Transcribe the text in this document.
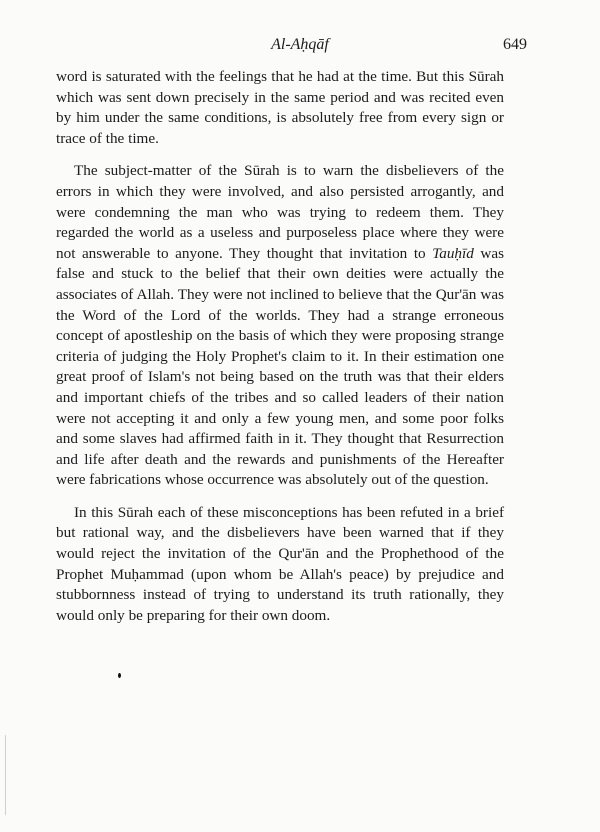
Al-Aḥqāf	649

word is saturated with the feelings that he had at the time. But this Sūrah which was sent down precisely in the same period and was recited even by him under the same conditions, is absolutely free from every sign or trace of the time.

The subject-matter of the Sūrah is to warn the disbelievers of the errors in which they were involved, and also persisted arrogantly, and were condemning the man who was trying to redeem them. They regarded the world as a useless and purposeless place where they were not answerable to anyone. They thought that invitation to Tauḥīd was false and stuck to the belief that their own deities were actually the associates of Allah. They were not inclined to believe that the Qur'ān was the Word of the Lord of the worlds. They had a strange erroneous concept of apostleship on the basis of which they were proposing strange criteria of judging the Holy Prophet's claim to it. In their estimation one great proof of Islam's not being based on the truth was that their elders and important chiefs of the tribes and so called leaders of their nation were not accepting it and only a few young men, and some poor folks and some slaves had affirmed faith in it. They thought that Resurrection and life after death and the rewards and punishments of the Hereafter were fabrications whose occurrence was absolutely out of the question.

In this Sūrah each of these misconceptions has been refuted in a brief but rational way, and the disbelievers have been warned that if they would reject the invitation of the Qur'ān and the Prophethood of the Prophet Muḥammad (upon whom be Allah's peace) by prejudice and stubbornness instead of trying to understand its truth rationally, they would only be preparing for their own doom.
